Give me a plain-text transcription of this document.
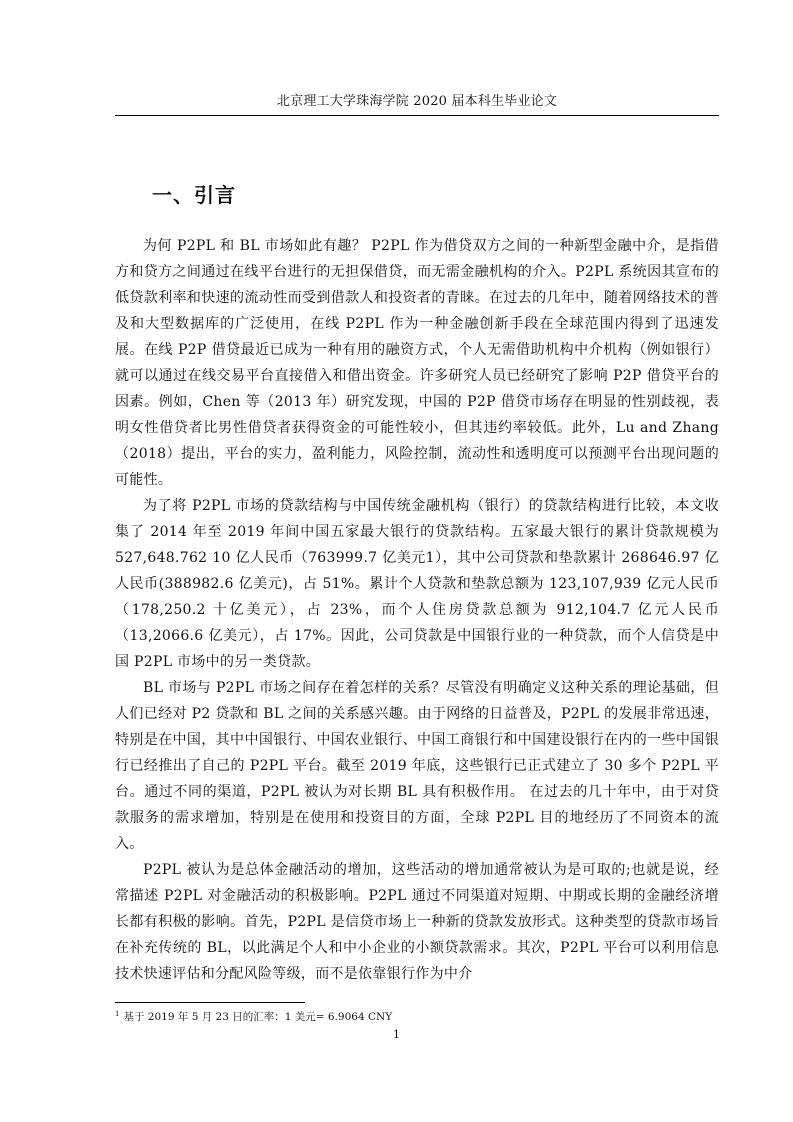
北京理工大学珠海学院 2020 届本科生毕业论文
一、引言

为何 P2PL 和 BL 市场如此有趣？ P2PL 作为借贷双方之间的一种新型金融中介，是指借方和贷方之间通过在线平台进行的无担保借贷，而无需金融机构的介入。P2PL 系统因其宣布的低贷款利率和快速的流动性而受到借款人和投资者的青睐。在过去的几年中，随着网络技术的普及和大型数据库的广泛使用，在线 P2PL 作为一种金融创新手段在全球范围内得到了迅速发展。在线 P2P 借贷最近已成为一种有用的融资方式，个人无需借助机构中介机构（例如银行）就可以通过在线交易平台直接借入和借出资金。许多研究人员已经研究了影响 P2P 借贷平台的因素。例如，Chen 等（2013 年）研究发现，中国的 P2P 借贷市场存在明显的性别歧视，表明女性借贷者比男性借贷者获得资金的可能性较小，但其违约率较低。此外，Lu and Zhang（2018）提出，平台的实力，盈利能力，风险控制，流动性和透明度可以预测平台出现问题的可能性。

为了将 P2PL 市场的贷款结构与中国传统金融机构（银行）的贷款结构进行比较，本文收集了 2014 年至 2019 年间中国五家最大银行的贷款结构。五家最大银行的累计贷款规模为 527,648.762 10 亿人民币（763999.7 亿美元1），其中公司贷款和垫款累计 268646.97 亿人民币(388982.6 亿美元)，占 51%。累计个人贷款和垫款总额为 123,107,939 亿元人民币（178,250.2 十亿美元），占 23%，而个人住房贷款总额为 912,104.7 亿元人民币（13,2066.6 亿美元），占 17%。因此，公司贷款是中国银行业的一种贷款，而个人信贷是中国 P2PL 市场中的另一类贷款。

BL 市场与 P2PL 市场之间存在着怎样的关系？尽管没有明确定义这种关系的理论基础，但人们已经对 P2 贷款和 BL 之间的关系感兴趣。由于网络的日益普及，P2PL 的发展非常迅速，特别是在中国，其中中国银行、中国农业银行、中国工商银行和中国建设银行在内的一些中国银行已经推出了自己的 P2PL 平台。截至 2019 年底，这些银行已正式建立了 30 多个 P2PL 平台。通过不同的渠道，P2PL 被认为对长期 BL 具有积极作用。 在过去的几十年中，由于对贷款服务的需求增加，特别是在使用和投资目的方面，全球 P2PL 目的地经历了不同资本的流入。

P2PL 被认为是总体金融活动的增加，这些活动的增加通常被认为是可取的;也就是说，经常描述 P2PL 对金融活动的积极影响。P2PL 通过不同渠道对短期、中期或长期的金融经济增长都有积极的影响。首先，P2PL 是信贷市场上一种新的贷款发放形式。这种类型的贷款市场旨在补充传统的 BL，以此满足个人和中小企业的小额贷款需求。其次，P2PL 平台可以利用信息技术快速评估和分配风险等级，而不是依靠银行作为中介

$^1$ 基于 2019 年 5 月 23 日的汇率：1 美元= 6.9064 CNY
1
